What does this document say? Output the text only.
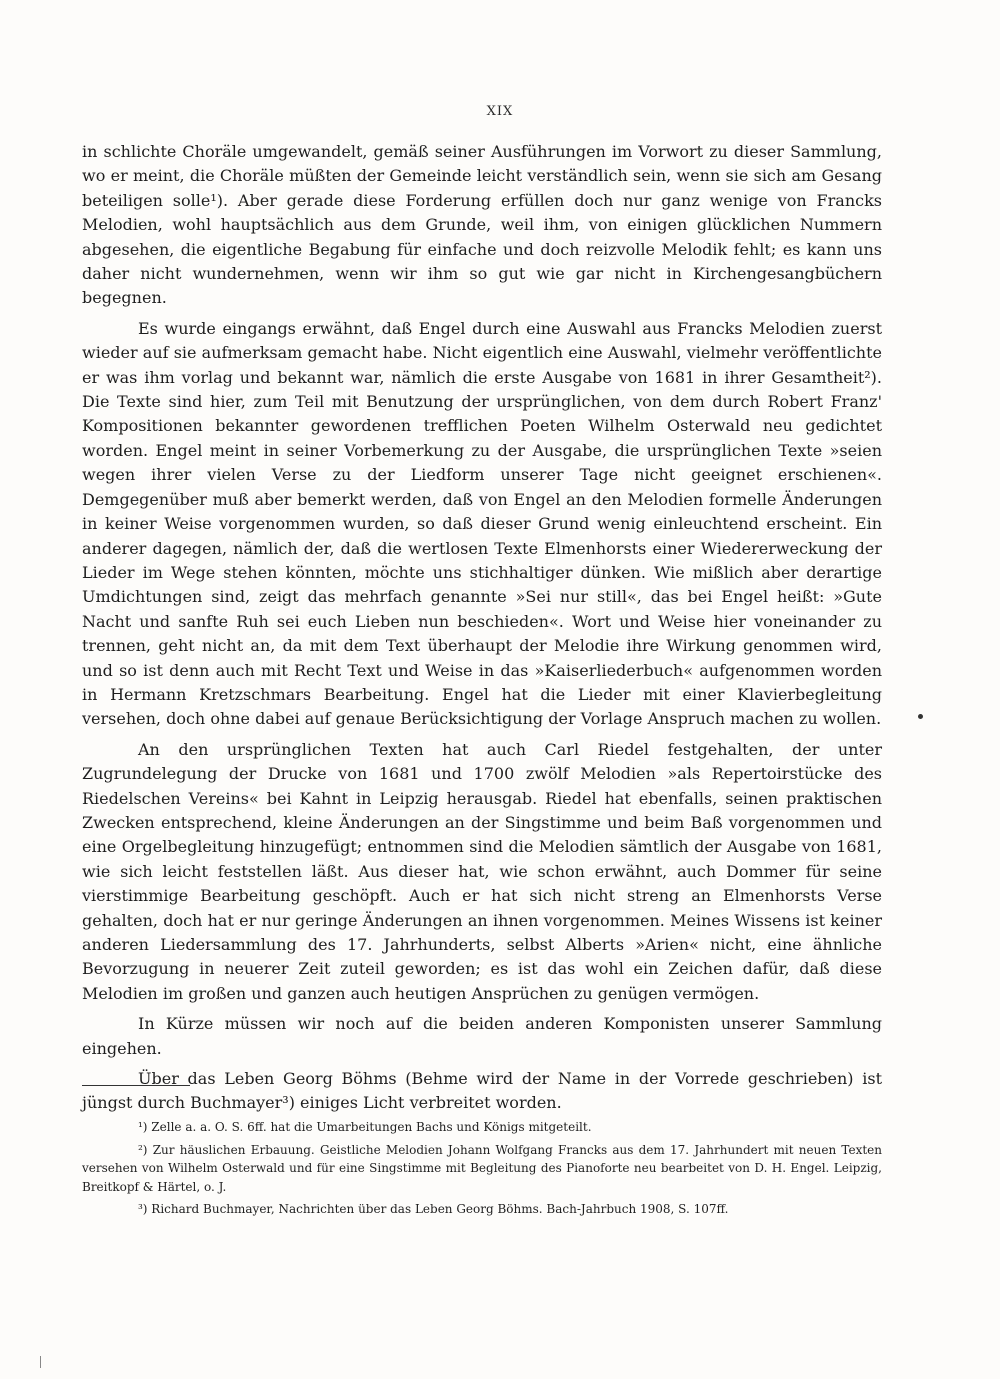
XIX

in schlichte Choräle umgewandelt, gemäß seiner Ausführungen im Vorwort zu dieser Sammlung, wo er meint, die Choräle müßten der Gemeinde leicht verständlich sein, wenn sie sich am Gesang beteiligen solle¹). Aber gerade diese Forderung erfüllen doch nur ganz wenige von Francks Melodien, wohl hauptsächlich aus dem Grunde, weil ihm, von einigen glücklichen Nummern abgesehen, die eigentliche Begabung für einfache und doch reizvolle Melodik fehlt; es kann uns daher nicht wundernehmen, wenn wir ihm so gut wie gar nicht in Kirchengesangbüchern begegnen.

Es wurde eingangs erwähnt, daß Engel durch eine Auswahl aus Francks Melodien zuerst wieder auf sie aufmerksam gemacht habe. Nicht eigentlich eine Auswahl, vielmehr veröffentlichte er was ihm vorlag und bekannt war, nämlich die erste Ausgabe von 1681 in ihrer Gesamtheit²). Die Texte sind hier, zum Teil mit Benutzung der ursprünglichen, von dem durch Robert Franz' Kompositionen bekannter gewordenen trefflichen Poeten Wilhelm Osterwald neu gedichtet worden. Engel meint in seiner Vorbemerkung zu der Ausgabe, die ursprünglichen Texte »seien wegen ihrer vielen Verse zu der Liedform unserer Tage nicht geeignet erschienen«. Demgegenüber muß aber bemerkt werden, daß von Engel an den Melodien formelle Änderungen in keiner Weise vorgenommen wurden, so daß dieser Grund wenig einleuchtend erscheint. Ein anderer dagegen, nämlich der, daß die wertlosen Texte Elmenhorsts einer Wiedererweckung der Lieder im Wege stehen könnten, möchte uns stichhaltiger dünken. Wie mißlich aber derartige Umdichtungen sind, zeigt das mehrfach genannte »Sei nur still«, das bei Engel heißt: »Gute Nacht und sanfte Ruh sei euch Lieben nun beschieden«. Wort und Weise hier voneinander zu trennen, geht nicht an, da mit dem Text überhaupt der Melodie ihre Wirkung genommen wird, und so ist denn auch mit Recht Text und Weise in das »Kaiserliederbuch« aufgenommen worden in Hermann Kretzschmars Bearbeitung. Engel hat die Lieder mit einer Klavierbegleitung versehen, doch ohne dabei auf genaue Berücksichtigung der Vorlage Anspruch machen zu wollen.

An den ursprünglichen Texten hat auch Carl Riedel festgehalten, der unter Zugrundelegung der Drucke von 1681 und 1700 zwölf Melodien »als Repertoirstücke des Riedelschen Vereins« bei Kahnt in Leipzig herausgab. Riedel hat ebenfalls, seinen praktischen Zwecken entsprechend, kleine Änderungen an der Singstimme und beim Baß vorgenommen und eine Orgelbegleitung hinzugefügt; entnommen sind die Melodien sämtlich der Ausgabe von 1681, wie sich leicht feststellen läßt. Aus dieser hat, wie schon erwähnt, auch Dommer für seine vierstimmige Bearbeitung geschöpft. Auch er hat sich nicht streng an Elmenhorsts Verse gehalten, doch hat er nur geringe Änderungen an ihnen vorgenommen. Meines Wissens ist keiner anderen Liedersammlung des 17. Jahrhunderts, selbst Alberts »Arien« nicht, eine ähnliche Bevorzugung in neuerer Zeit zuteil geworden; es ist das wohl ein Zeichen dafür, daß diese Melodien im großen und ganzen auch heutigen Ansprüchen zu genügen vermögen.

In Kürze müssen wir noch auf die beiden anderen Komponisten unserer Sammlung eingehen.

Über das Leben Georg Böhms (Behme wird der Name in der Vorrede geschrieben) ist jüngst durch Buchmayer³) einiges Licht verbreitet worden.

¹) Zelle a. a. O. S. 6ff. hat die Umarbeitungen Bachs und Königs mitgeteilt.

²) Zur häuslichen Erbauung. Geistliche Melodien Johann Wolfgang Francks aus dem 17. Jahrhundert mit neuen Texten versehen von Wilhelm Osterwald und für eine Singstimme mit Begleitung des Pianoforte neu bearbeitet von D. H. Engel. Leipzig, Breitkopf & Härtel, o. J.

³) Richard Buchmayer, Nachrichten über das Leben Georg Böhms. Bach-Jahrbuch 1908, S. 107ff.
